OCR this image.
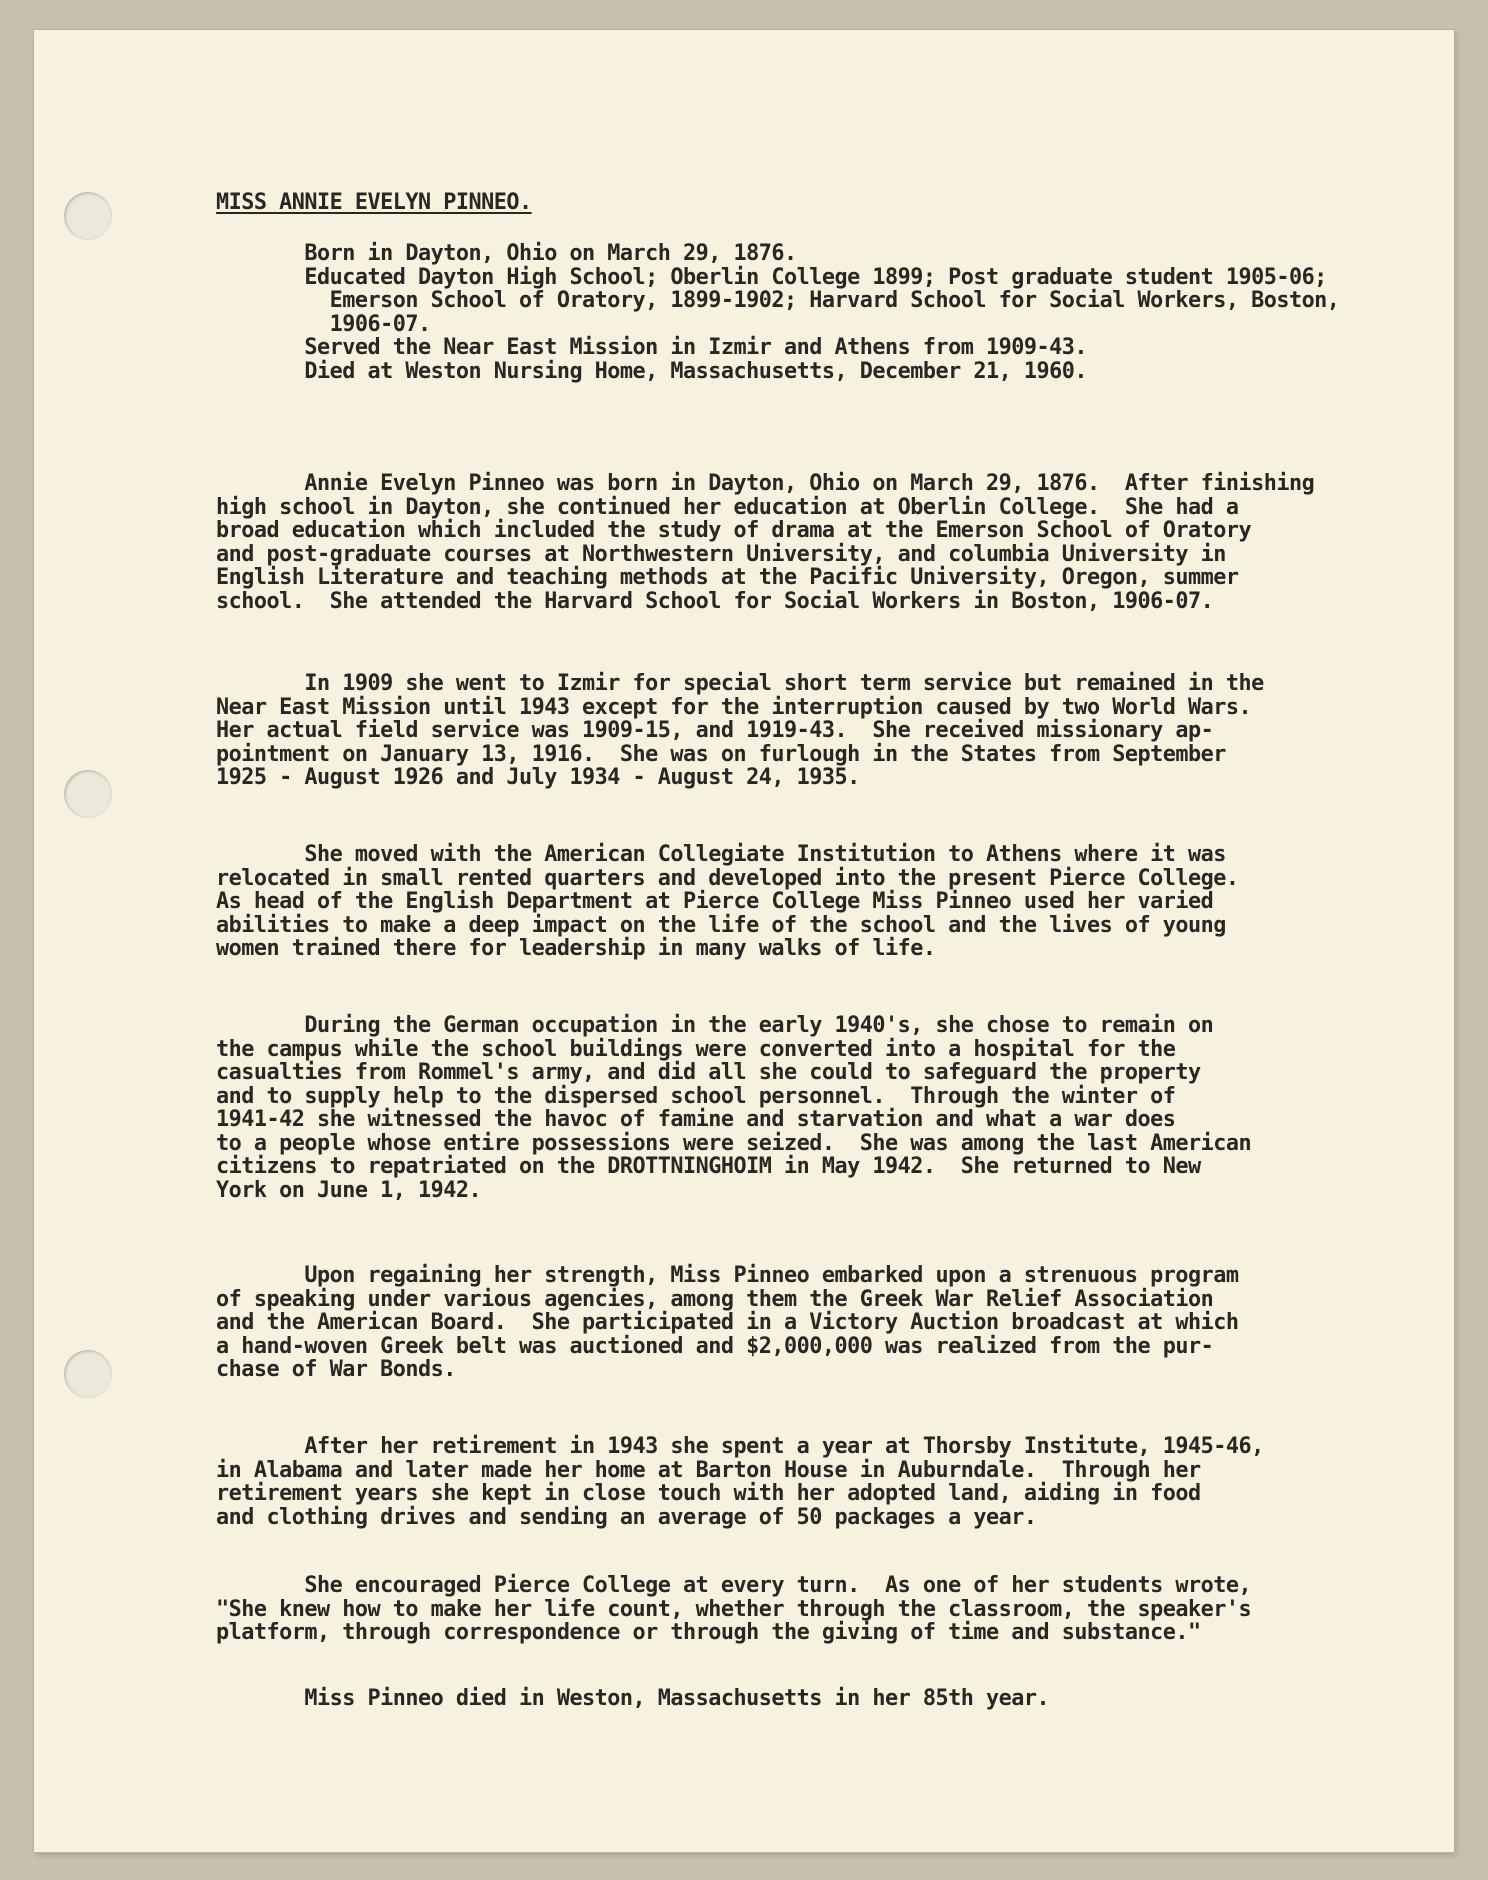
MISS ANNIE EVELYN PINNEO.
Born in Dayton, Ohio on March 29, 1876.
Educated Dayton High School; Oberlin College 1899; Post graduate student 1905-06;
Emerson School of Oratory, 1899-1902; Harvard School for Social Workers, Boston,
1906-07.
Served the Near East Mission in Izmir and Athens from 1909-43.
Died at Weston Nursing Home, Massachusetts, December 21, 1960.

Annie Evelyn Pinneo was born in Dayton, Ohio on March 29, 1876.  After finishing
high school in Dayton, she continued her education at Oberlin College.  She had a
broad education which included the study of drama at the Emerson School of Oratory
and post-graduate courses at Northwestern University, and columbia University in
English Literature and teaching methods at the Pacific University, Oregon, summer
school.  She attended the Harvard School for Social Workers in Boston, 1906-07.

In 1909 she went to Izmir for special short term service but remained in the
Near East Mission until 1943 except for the interruption caused by two World Wars.
Her actual field service was 1909-15, and 1919-43.  She received missionary ap-
pointment on January 13, 1916.  She was on furlough in the States from September
1925 - August 1926 and July 1934 - August 24, 1935.

She moved with the American Collegiate Institution to Athens where it was
relocated in small rented quarters and developed into the present Pierce College.
As head of the English Department at Pierce College Miss Pinneo used her varied
abilities to make a deep impact on the life of the school and the lives of young
women trained there for leadership in many walks of life.

During the German occupation in the early 1940's, she chose to remain on
the campus while the school buildings were converted into a hospital for the
casualties from Rommel's army, and did all she could to safeguard the property
and to supply help to the dispersed school personnel.  Through the winter of
1941-42 she witnessed the havoc of famine and starvation and what a war does
to a people whose entire possessions were seized.  She was among the last American
citizens to repatriated on the DROTTNINGHOIM in May 1942.  She returned to New
York on June 1, 1942.

Upon regaining her strength, Miss Pinneo embarked upon a strenuous program
of speaking under various agencies, among them the Greek War Relief Association
and the American Board.  She participated in a Victory Auction broadcast at which
a hand-woven Greek belt was auctioned and $2,000,000 was realized from the pur-
chase of War Bonds.

After her retirement in 1943 she spent a year at Thorsby Institute, 1945-46,
in Alabama and later made her home at Barton House in Auburndale.  Through her
retirement years she kept in close touch with her adopted land, aiding in food
and clothing drives and sending an average of 50 packages a year.

She encouraged Pierce College at every turn.  As one of her students wrote,
"She knew how to make her life count, whether through the classroom, the speaker's
platform, through correspondence or through the giving of time and substance."

Miss Pinneo died in Weston, Massachusetts in her 85th year.
